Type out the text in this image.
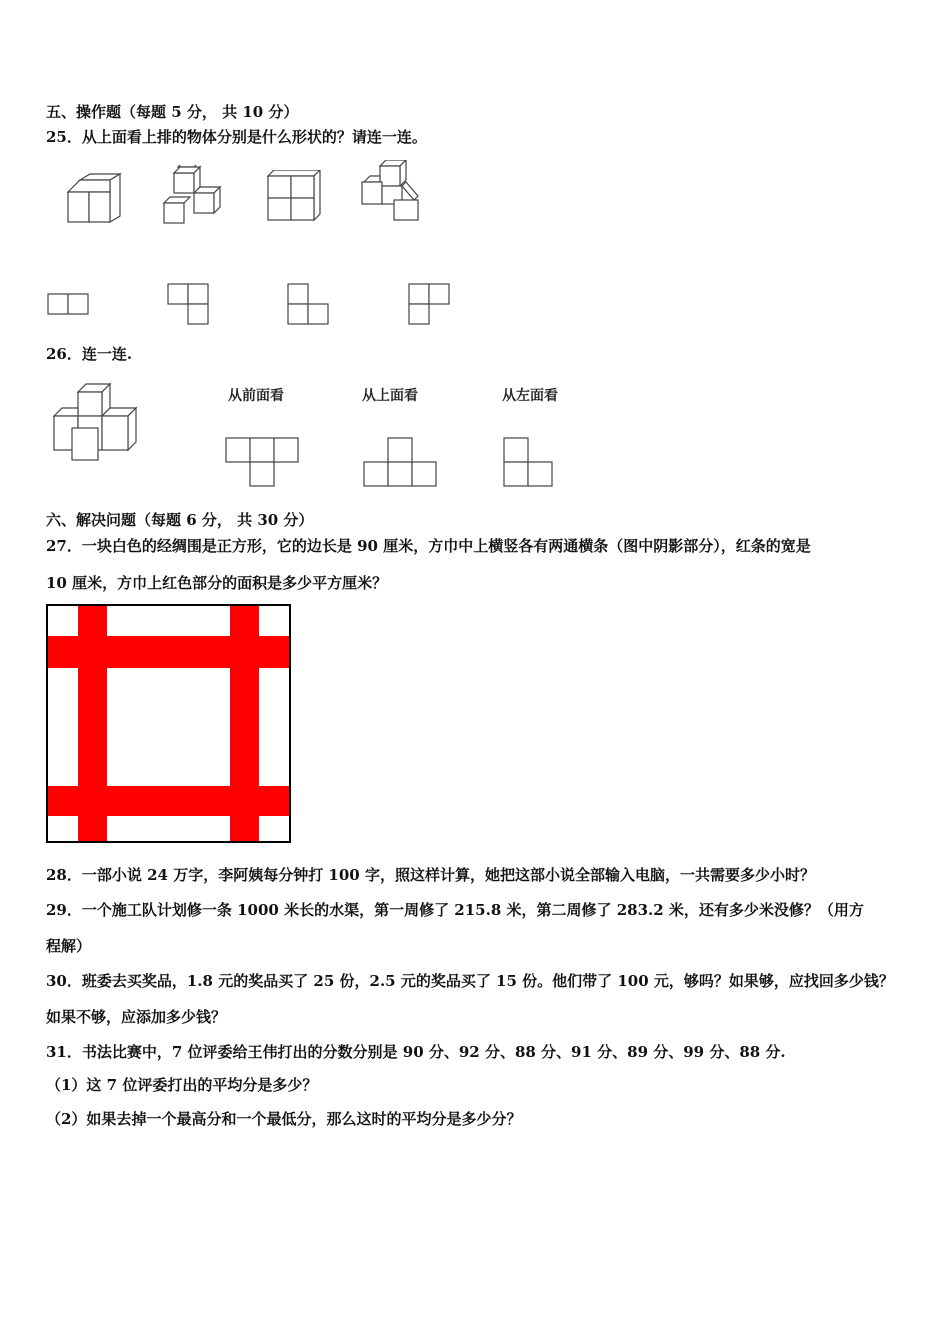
五、操作题（每题 5 分， 共 10 分）
25．从上面看上排的物体分别是什么形状的？请连一连。
26．连一连.
从前面看	从上面看	从左面看
六、解决问题（每题 6 分， 共 30 分）
27．一块白色的经绸围是正方形，它的边长是 90 厘米，方巾中上横竖各有两通横条（图中阴影部分），红条的宽是
10 厘米，方巾上红色部分的面积是多少平方厘米？
28．一部小说 24 万字，李阿姨每分钟打 100 字，照这样计算，她把这部小说全部输入电脑，一共需要多少小时？
29．一个施工队计划修一条 1000 米长的水渠，第一周修了 215.8 米，第二周修了 283.2 米，还有多少米没修？（用方
程解）
30．班委去买奖品，1.8 元的奖品买了 25 份，2.5 元的奖品买了 15 份。他们带了 100 元，够吗？如果够，应找回多少钱？
如果不够，应添加多少钱？
31．书法比赛中，7 位评委给王伟打出的分数分别是 90 分、92 分、88 分、91 分、89 分、99 分、88 分.
（1）这 7 位评委打出的平均分是多少？
（2）如果去掉一个最高分和一个最低分，那么这时的平均分是多少分？
